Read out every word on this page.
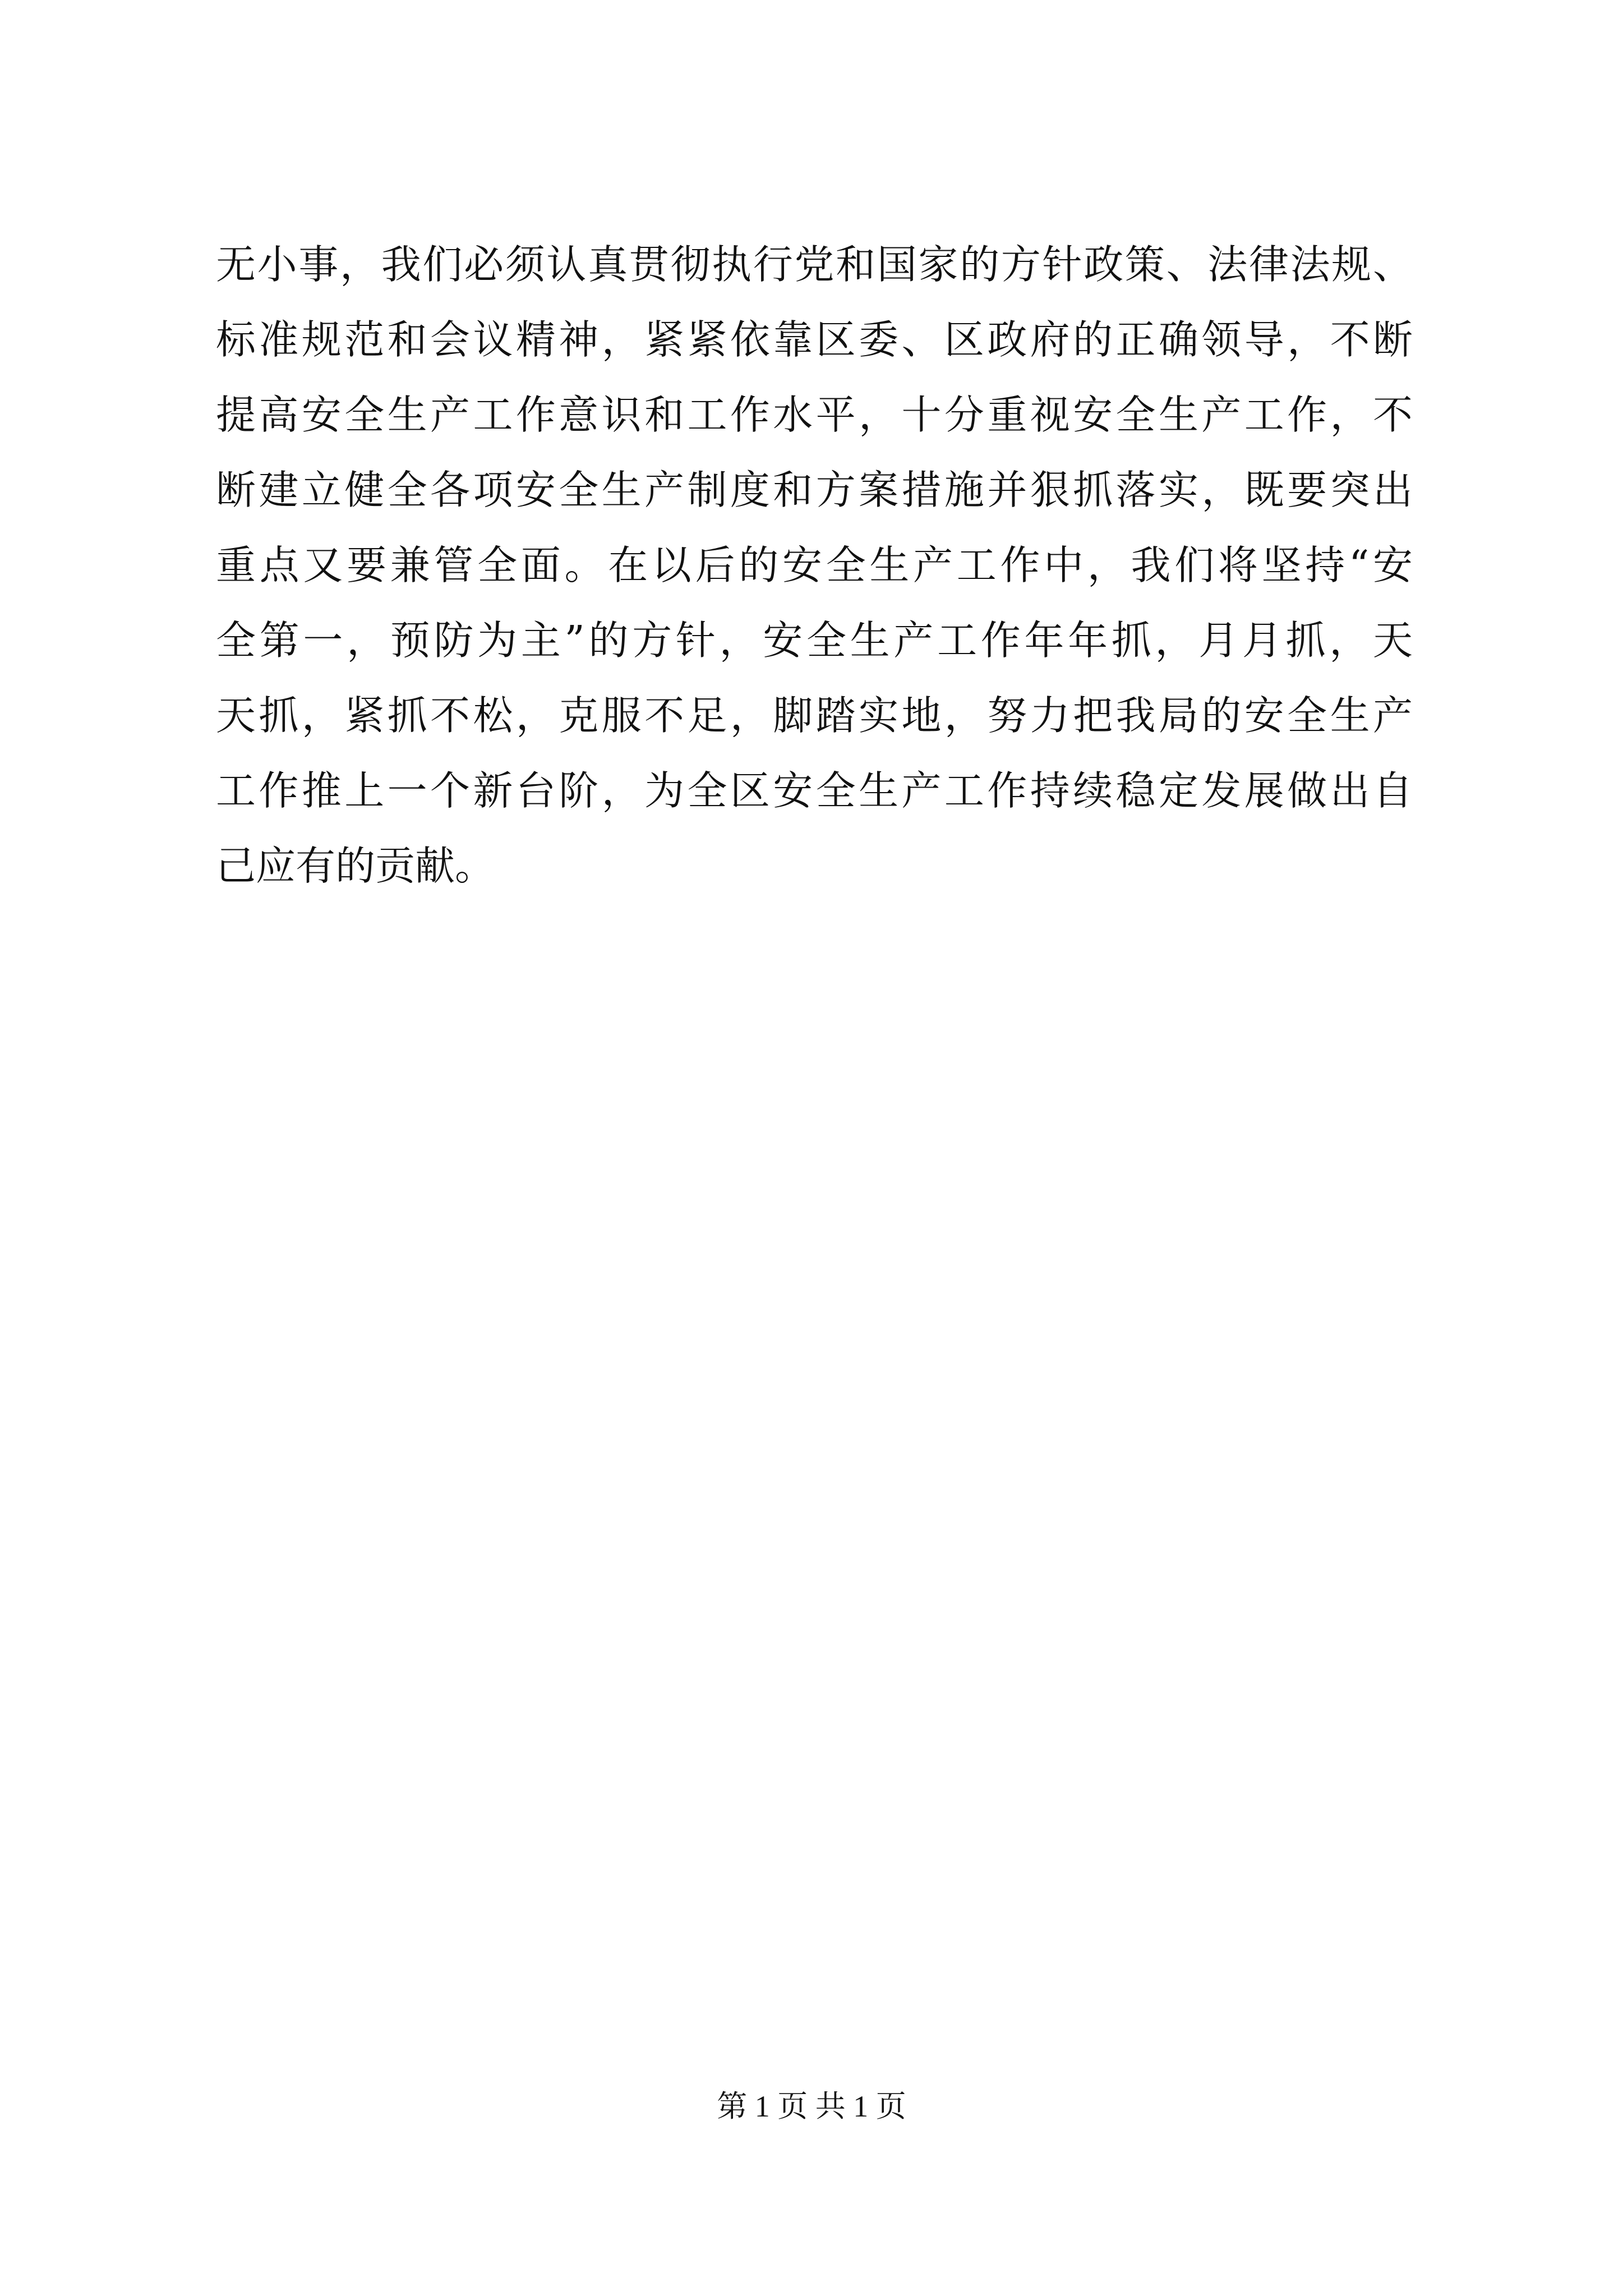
无小事，我们必须认真贯彻执行党和国家的方针政策、法律法规、
标准规范和会议精神，紧紧依靠区委、区政府的正确领导，不断
提高安全生产工作意识和工作水平，十分重视安全生产工作，不
断建立健全各项安全生产制度和方案措施并狠抓落实，既要突出
重点又要兼管全面。在以后的安全生产工作中，我们将坚持“安
全第一，预防为主”的方针，安全生产工作年年抓，月月抓，天
天抓，紧抓不松，克服不足，脚踏实地，努力把我局的安全生产
工作推上一个新台阶，为全区安全生产工作持续稳定发展做出自
己应有的贡献。
第 1 页 共 1 页
